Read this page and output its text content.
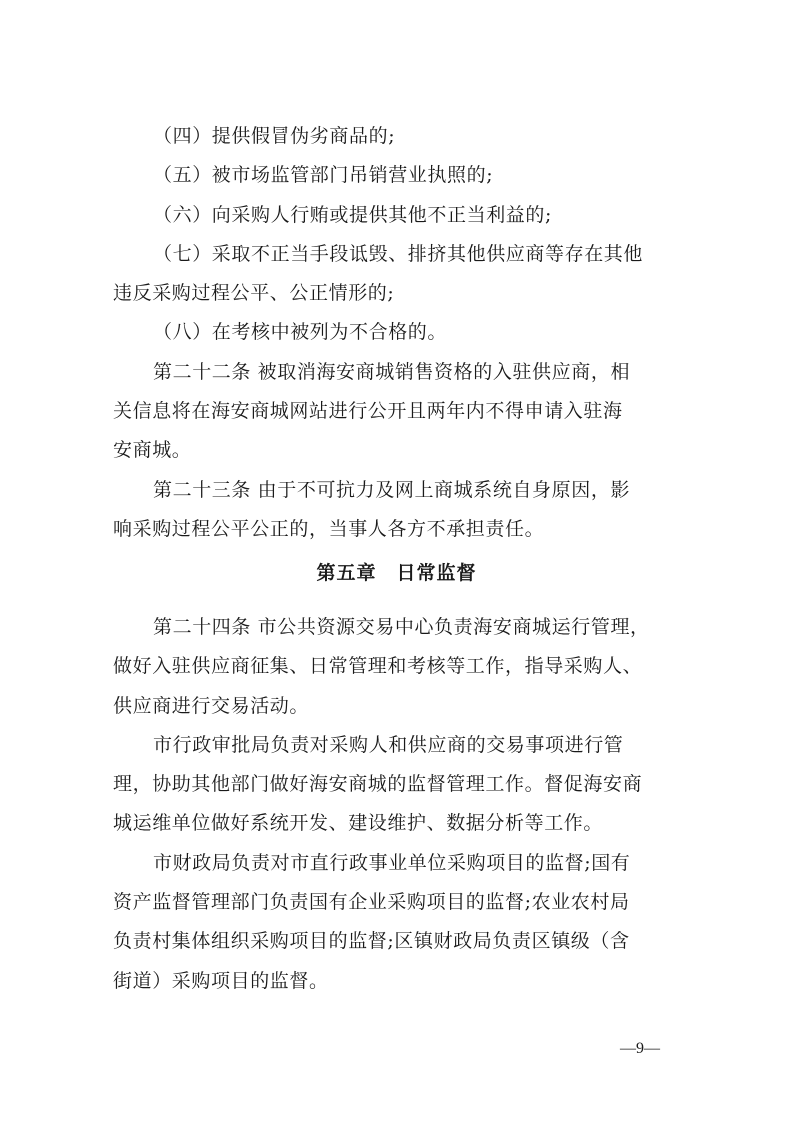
（四）提供假冒伪劣商品的;
（五）被市场监管部门吊销营业执照的;
（六）向采购人行贿或提供其他不正当利益的;
（七）采取不正当手段诋毁、排挤其他供应商等存在其他
违反采购过程公平、公正情形的;
（八）在考核中被列为不合格的。
第二十二条 被取消海安商城销售资格的入驻供应商，相
关信息将在海安商城网站进行公开且两年内不得申请入驻海
安商城。
第二十三条 由于不可抗力及网上商城系统自身原因，影
响采购过程公平公正的，当事人各方不承担责任。
第五章 日常监督
第二十四条 市公共资源交易中心负责海安商城运行管理，
做好入驻供应商征集、日常管理和考核等工作，指导采购人、
供应商进行交易活动。
市行政审批局负责对采购人和供应商的交易事项进行管
理，协助其他部门做好海安商城的监督管理工作。督促海安商
城运维单位做好系统开发、建设维护、数据分析等工作。
市财政局负责对市直行政事业单位采购项目的监督;国有
资产监督管理部门负责国有企业采购项目的监督;农业农村局
负责村集体组织采购项目的监督;区镇财政局负责区镇级（含
街道）采购项目的监督。
—9—
